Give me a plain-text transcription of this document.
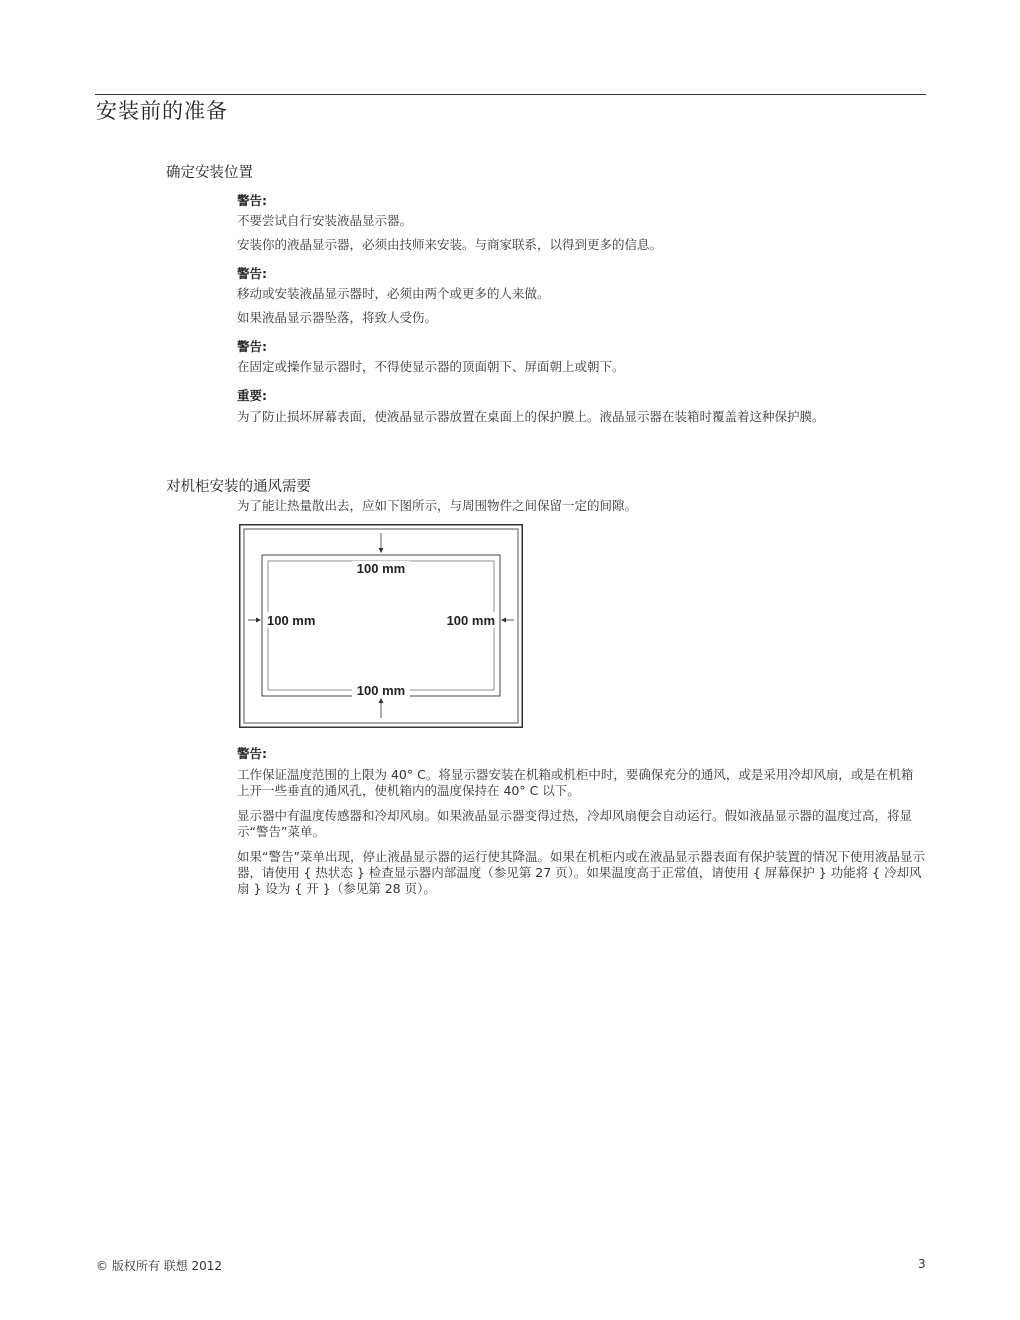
安装前的准备
确定安装位置
警告:
不要尝试自行安装液晶显示器。
安装你的液晶显示器，必须由技师来安装。与商家联系，以得到更多的信息。
警告:
移动或安装液晶显示器时，必须由两个或更多的人来做。
如果液晶显示器坠落，将致人受伤。
警告:
在固定或操作显示器时，不得使显示器的顶面朝下、屏面朝上或朝下。
重要:
为了防止损坏屏幕表面，使液晶显示器放置在桌面上的保护膜上。液晶显示器在装箱时覆盖着这种保护膜。
对机柜安装的通风需要
为了能让热量散出去，应如下图所示，与周围物件之间保留一定的间隙。
100 mm
100 mm	100 mm
100 mm
警告:
工作保证温度范围的上限为 40° C。将显示器安装在机箱或机柜中时，要确保充分的通风，或是采用冷却风扇，或是在机箱上开一些垂直的通风孔，使机箱内的温度保持在 40° C 以下。
显示器中有温度传感器和冷却风扇。如果液晶显示器变得过热，冷却风扇便会自动运行。假如液晶显示器的温度过高，将显示“警告”菜单。
如果“警告”菜单出现，停止液晶显示器的运行使其降温。如果在机柜内或在液晶显示器表面有保护装置的情况下使用液晶显示器，请使用 { 热状态 } 检查显示器内部温度（参见第 27 页）。如果温度高于正常值，请使用 { 屏幕保护 } 功能将 { 冷却风扇 } 设为 { 开 }（参见第 28 页）。
© 版权所有 联想 2012	3
